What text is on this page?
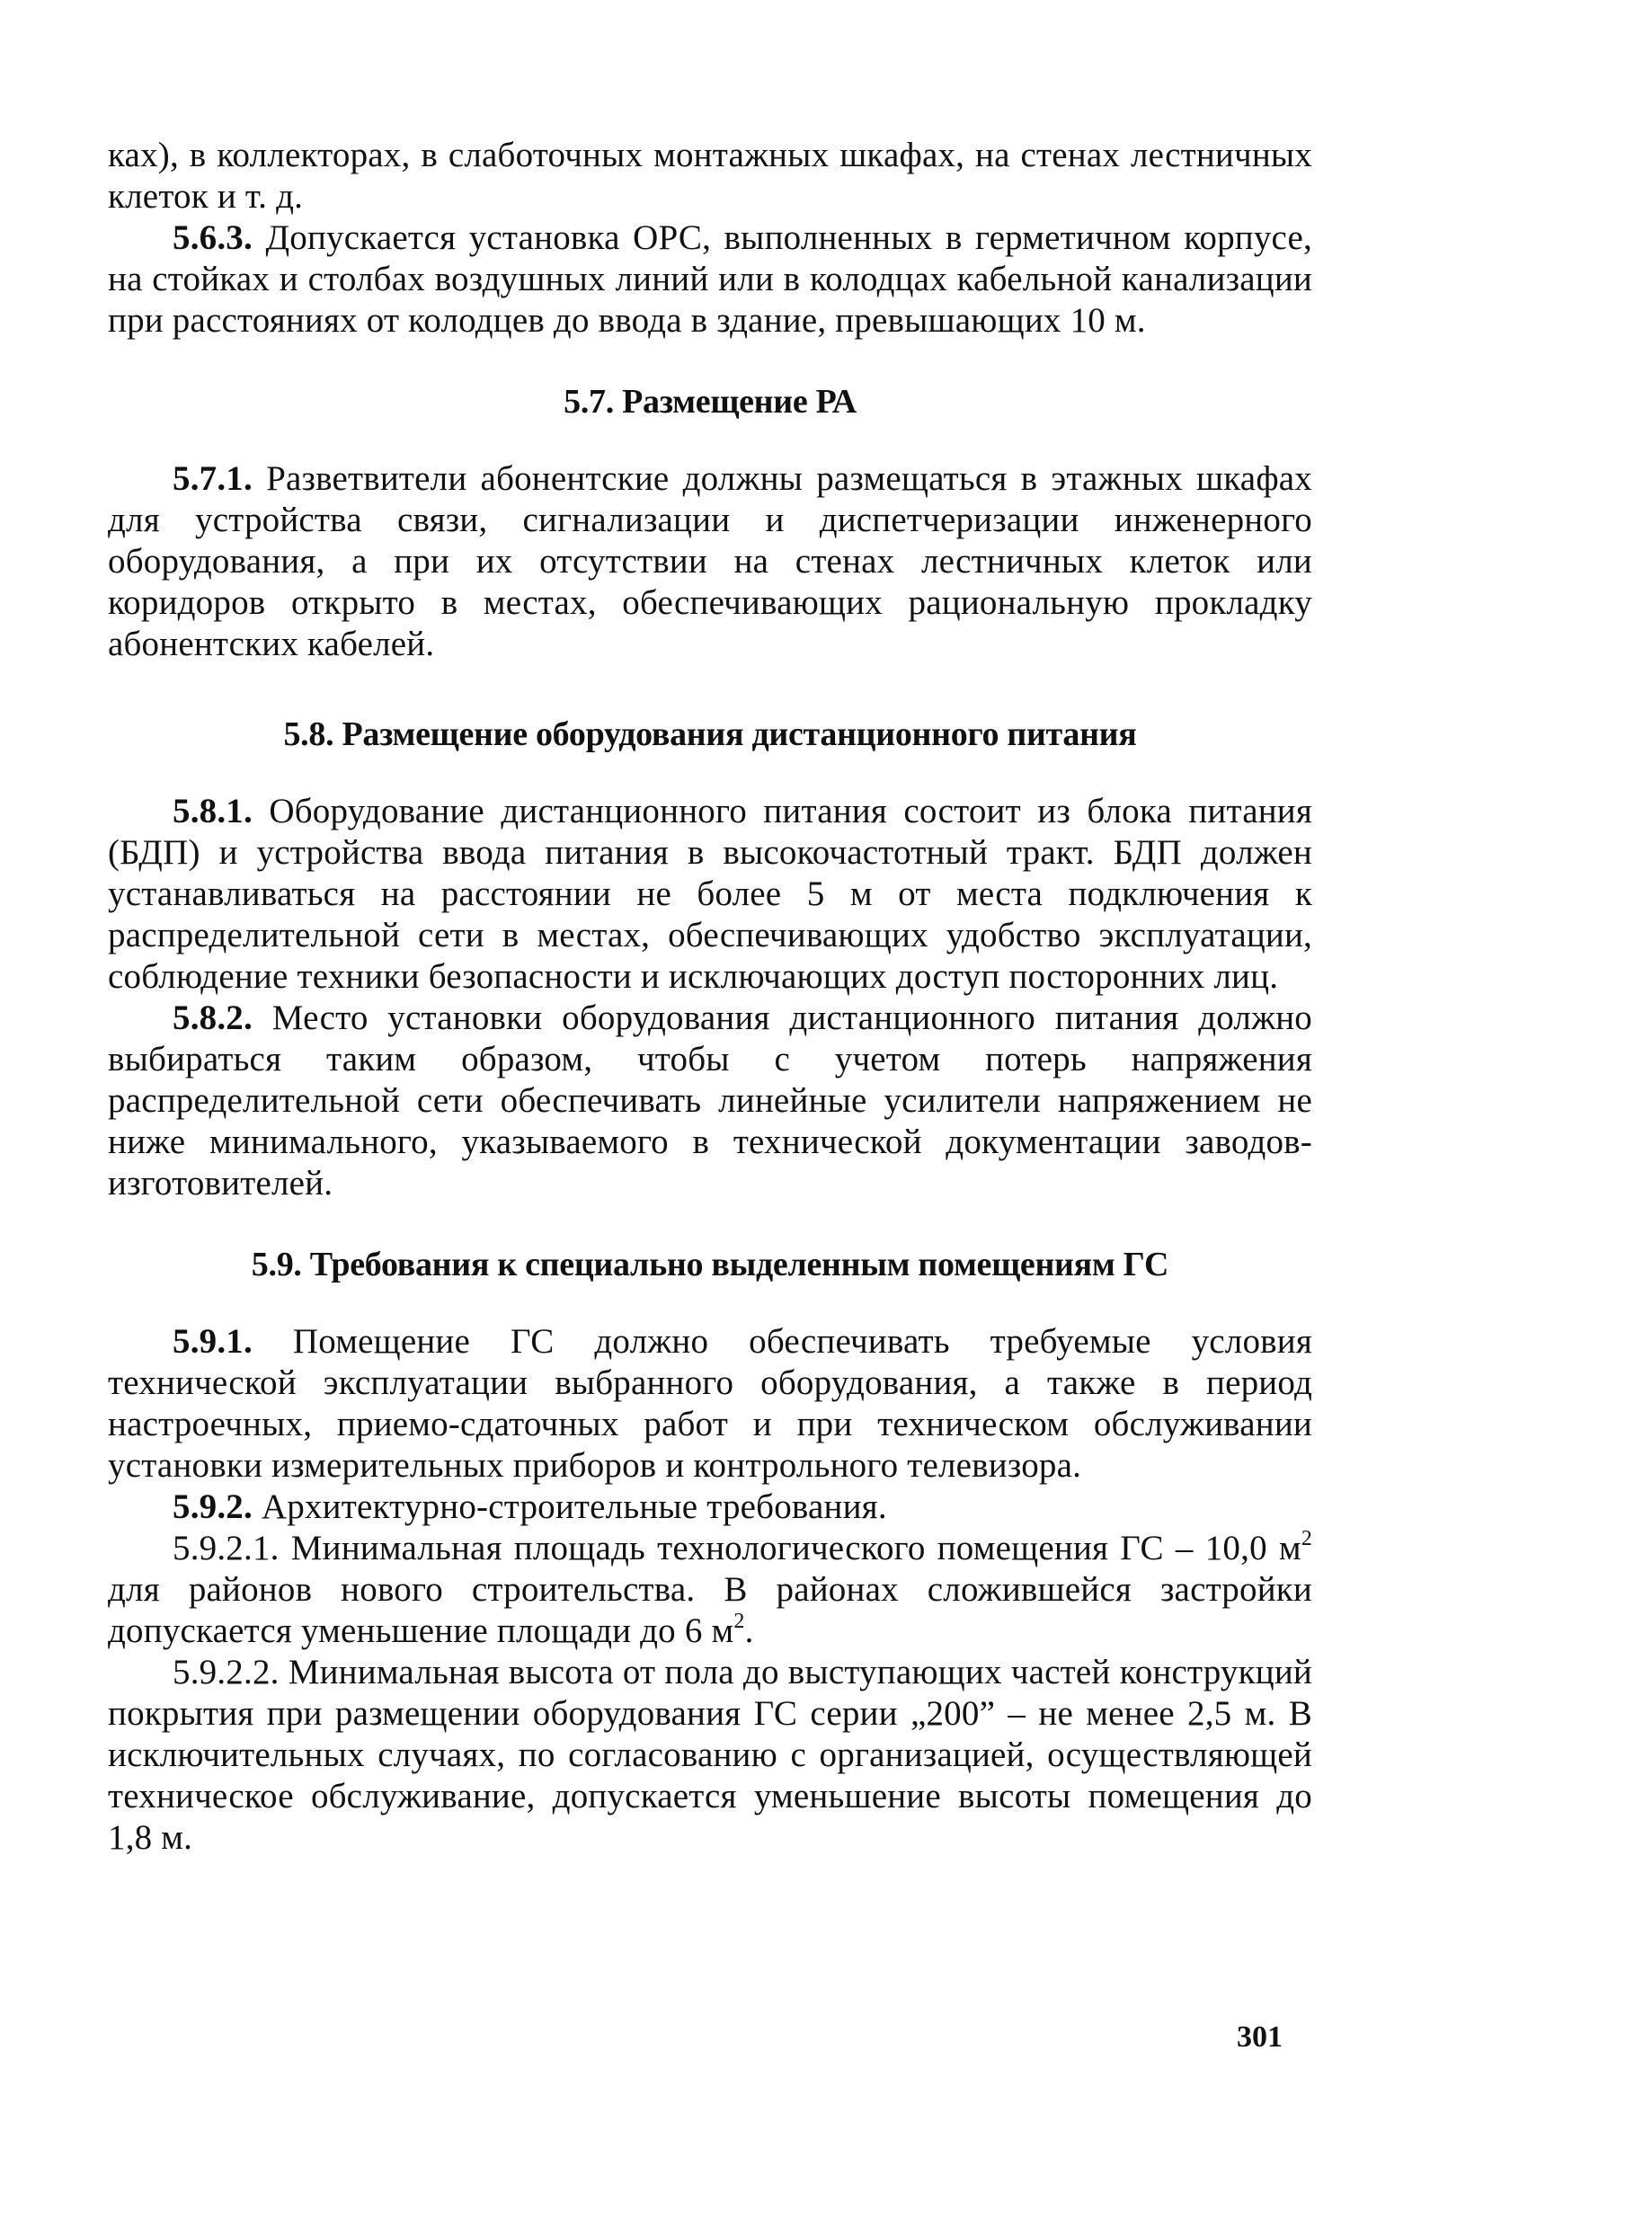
ках), в коллекторах, в слаботочных монтажных шкафах, на стенах лестничных клеток и т. д.

5.6.3. Допускается установка ОРС, выполненных в герметичном корпусе, на стойках и столбах воздушных линий или в колодцах кабельной канализации при расстояниях от колодцев до ввода в здание, превышающих 10 м.

5.7. Размещение РА

5.7.1. Разветвители абонентские должны размещаться в этажных шкафах для устройства связи, сигнализации и диспетчеризации инженерного оборудования, а при их отсутствии на стенах лестничных клеток или коридоров открыто в местах, обеспечивающих рациональную прокладку абонентских кабелей.

5.8. Размещение оборудования дистанционного питания

5.8.1. Оборудование дистанционного питания состоит из блока питания (БДП) и устройства ввода питания в высокочастотный тракт. БДП должен устанавливаться на расстоянии не более 5 м от места подключения к распределительной сети в местах, обеспечивающих удобство эксплуатации, соблюдение техники безопасности и исключающих доступ посторонних лиц.

5.8.2. Место установки оборудования дистанционного питания должно выбираться таким образом, чтобы с учетом потерь напряжения распределительной сети обеспечивать линейные усилители напряжением не ниже минимального, указываемого в технической документации заводов-изготовителей.

5.9. Требования к специально выделенным помещениям ГС

5.9.1. Помещение ГС должно обеспечивать требуемые условия технической эксплуатации выбранного оборудования, а также в период настроечных, приемо-сдаточных работ и при техническом обслуживании установки измерительных приборов и контрольного телевизора.

5.9.2. Архитектурно-строительные требования.

5.9.2.1. Минимальная площадь технологического помещения ГС – 10,0 $м^2$ для районов нового строительства. В районах сложившейся застройки допускается уменьшение площади до 6 $м^2$.

5.9.2.2. Минимальная высота от пола до выступающих частей конструкций покрытия при размещении оборудования ГС серии „200” – не менее 2,5 м. В исключительных случаях, по согласованию с организацией, осуществляющей техническое обслуживание, допускается уменьшение высоты помещения до 1,8 м.

301
